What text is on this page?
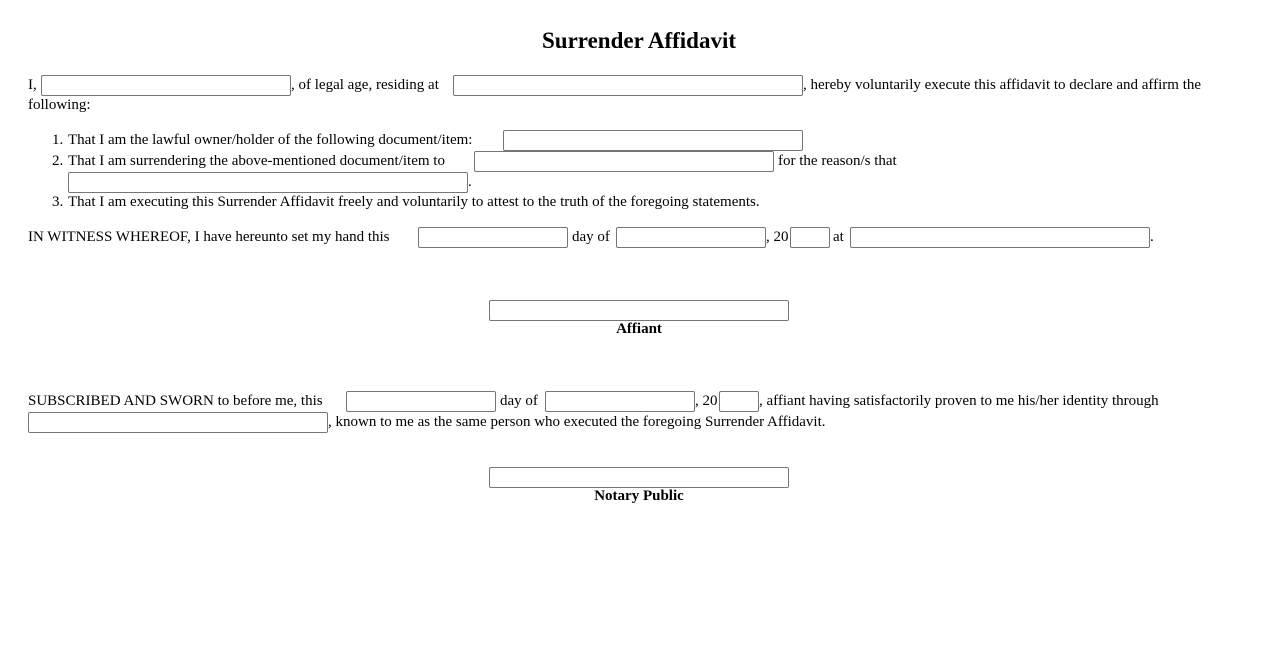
Surrender Affidavit
I,	, of legal age, residing at	, hereby voluntarily execute this affidavit to declare and affirm the
following:
1. That I am the lawful owner/holder of the following document/item:
2. That I am surrendering the above-mentioned document/item to	for the reason/s that
.
3. That I am executing this Surrender Affidavit freely and voluntarily to attest to the truth of the foregoing statements.
IN WITNESS WHEREOF, I have hereunto set my hand this	day of	, 20	at	.
Affiant
SUBSCRIBED AND SWORN to before me, this	day of	, 20	, affiant having satisfactorily proven to me his/her identity through
, known to me as the same person who executed the foregoing Surrender Affidavit.
Notary Public
